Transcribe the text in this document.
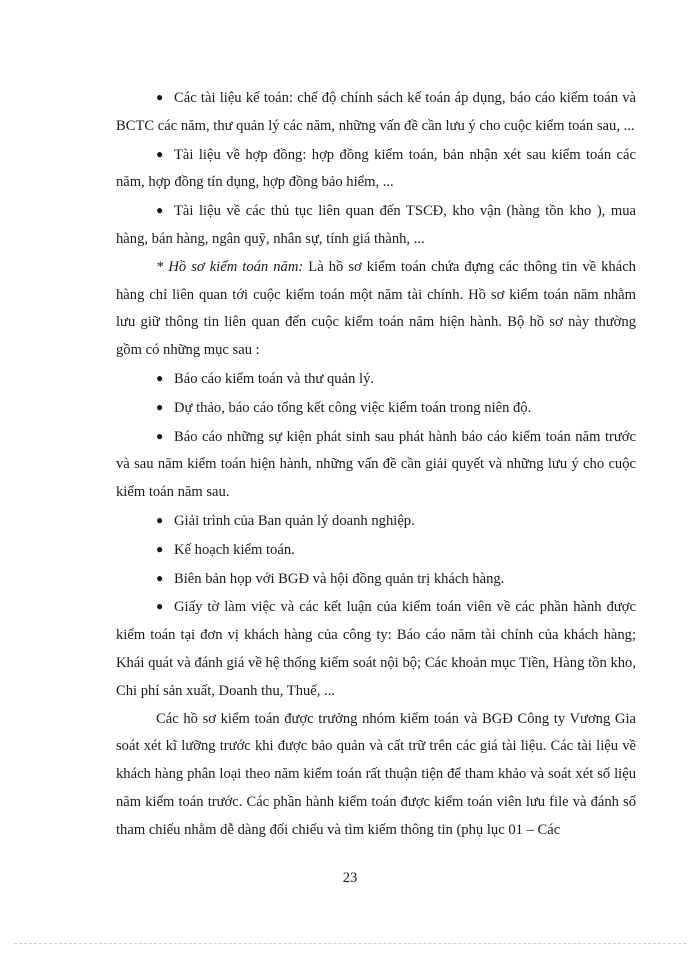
● Các tài liệu kế toán: chế độ chính sách kế toán áp dụng, báo cáo kiểm toán và BCTC các năm, thư quản lý các năm, những vấn đề cần lưu ý cho cuộc kiểm toán sau, ...

● Tài liệu về hợp đồng: hợp đồng kiểm toán, bản nhận xét sau kiểm toán các năm, hợp đồng tín dụng, hợp đồng bảo hiểm, ...

● Tài liệu về các thủ tục liên quan đến TSCĐ, kho vận (hàng tồn kho ), mua hàng, bán hàng, ngân quỹ, nhân sự, tính giá thành, ...

* Hồ sơ kiểm toán năm: Là hồ sơ kiểm toán chứa đựng các thông tin về khách hàng chỉ liên quan tới cuộc kiểm toán một năm tài chính. Hồ sơ kiểm toán năm nhằm lưu giữ thông tin liên quan đến cuộc kiểm toán năm hiện hành. Bộ hồ sơ này thường gồm có những mục sau :

● Báo cáo kiểm toán và thư quản lý.

● Dự thảo, báo cáo tổng kết công việc kiểm toán trong niên độ.

● Báo cáo những sự kiện phát sinh sau phát hành báo cáo kiểm toán năm trước và sau năm kiểm toán hiện hành, những vấn đề cần giải quyết và những lưu ý cho cuộc kiểm toán năm sau.

● Giải trình của Ban quản lý doanh nghiệp.

● Kế hoạch kiểm toán.

● Biên bản họp với BGĐ và hội đồng quản trị khách hàng.

● Giấy tờ làm việc và các kết luận của kiểm toán viên về các phần hành được kiểm toán tại đơn vị khách hàng của công ty: Báo cáo năm tài chính của khách hàng; Khái quát và đánh giá về hệ thống kiểm soát nội bộ; Các khoản mục Tiền, Hàng tồn kho, Chi phí sản xuất, Doanh thu, Thuế, ...

Các hồ sơ kiểm toán được trưởng nhóm kiểm toán và BGĐ Công ty Vương Gia soát xét kĩ lưỡng trước khi được bảo quản và cất trữ trên các giá tài liệu. Các tài liệu về khách hàng phân loại theo năm kiểm toán rất thuận tiện để tham khảo và soát xét số liệu năm kiểm toán trước. Các phần hành kiểm toán được kiểm toán viên lưu file và đánh số tham chiếu nhằm dễ dàng đối chiếu và tìm kiếm thông tin (phụ lục 01 – Các

23
